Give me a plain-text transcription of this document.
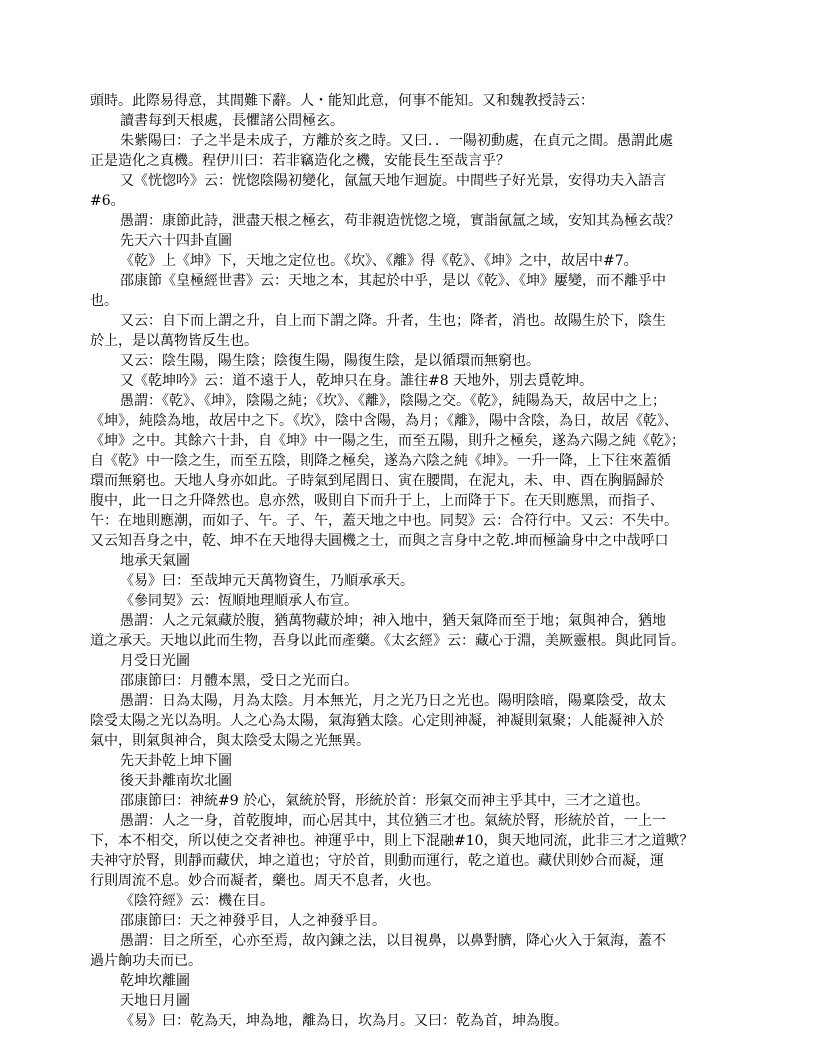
頭時。此際易得意，其間難下辭。人・能知此意，何事不能知。又和魏教授詩云：
讀書每到天根處，長懼諸公問極玄。
朱紫陽曰：子之半是未成子，方離於亥之時。又曰．．一陽初動處，在貞元之間。愚謂此處
正是造化之真機。程伊川曰：若非竊造化之機，安能長生至哉言乎？
又《恍惚吟》云：恍惚陰陽初變化，氤氲天地乍迴旋。中間些子好光景，安得功夫入語言
#6。
愚謂：康節此詩，泄盡天根之極玄，苟非親造恍惚之境，實詣氤氲之域，安知其為極玄哉？
先天六十四卦直圖
《乾》上《坤》下，天地之定位也。《坎》、《離》得《乾》、《坤》之中，故居中#7。
邵康節《皇極經世書》云：天地之本，其起於中乎，是以《乾》、《坤》屢變，而不離乎中
也。
又云：自下而上謂之升，自上而下謂之降。升者，生也；降者，消也。故陽生於下，陰生
於上，是以萬物皆反生也。
又云：陰生陽，陽生陰；陰復生陽，陽復生陰，是以循環而無窮也。
又《乾坤吟》云：道不遠于人，乾坤只在身。誰往#8 天地外，別去覓乾坤。
愚謂：《乾》、《坤》，陰陽之純；《坎》、《離》，陰陽之交。《乾》，純陽為天，故居中之上；
《坤》，純陰為地，故居中之下。《坎》，陰中含陽，為月；《離》，陽中含陰，為日，故居《乾》、
《坤》之中。其餘六十卦，自《坤》中一陽之生，而至五陽，則升之極矣，遂為六陽之純《乾》；
自《乾》中一陰之生，而至五陰，則降之極矣，遂為六陰之純《坤》。一升一降，上下往來蓋循
環而無窮也。天地人身亦如此。子時氣到尾閭日、寅在腰間，在泥丸，未、申、酉在胸膈歸於
腹中，此一日之升降然也。息亦然，吸則自下而升于上，上而降于下。在天則應黑，而指子、
午：在地則應潮，而如子、午。子、午，蓋天地之中也。同契》云：合符行中。又云：不失中。
又云知吾身之中，乾、坤不在天地得夫圓機之士，而與之言身中之乾.坤而極論身中之中哉呼口
地承天氣圖
《易》曰：至哉坤元天萬物資生，乃順承承天。
《參同契》云：恆順地理順承人布宣。
愚謂：人之元氣藏於腹，猶萬物藏於坤；神入地中，猶天氣降而至于地；氣與神合，猶地
道之承天。天地以此而生物，吾身以此而產藥。《太玄經》云：藏心于淵，美厥靈根。與此同旨。
月受日光圖
邵康節曰：月體本黑，受日之光而白。
愚謂：日為太陽，月為太陰。月本無光，月之光乃日之光也。陽明陰暗，陽稟陰受，故太
陰受太陽之光以為明。人之心為太陽，氣海猶太陰。心定則神凝，神凝則氣聚；人能凝神入於
氣中，則氣與神合，與太陰受太陽之光無異。
先天卦乾上坤下圖
後天卦離南坎北圖
邵康節曰：神統#9 於心，氣統於腎，形統於首：形氣交而神主乎其中，三才之道也。
愚謂：人之一身，首乾腹坤，而心居其中，其位猶三才也。氣統於腎，形統於首，一上一
下，本不相交，所以使之交者神也。神運乎中，則上下混融#10，與天地同流，此非三才之道歟？
夫神守於腎，則靜而藏伏，坤之道也；守於首，則動而運行，乾之道也。藏伏則妙合而凝，運
行則周流不息。妙合而凝者，藥也。周天不息者，火也。
《陰符經》云：機在目。
邵康節曰：天之神發乎目，人之神發乎目。
愚謂：目之所至，心亦至焉，故內鍊之法，以目視鼻，以鼻對臍，降心火入于氣海，蓋不
過片餉功夫而已。
乾坤坎離圖
天地日月圖
《易》曰：乾為天，坤為地，離為日，坎為月。又曰：乾為首，坤為腹。
